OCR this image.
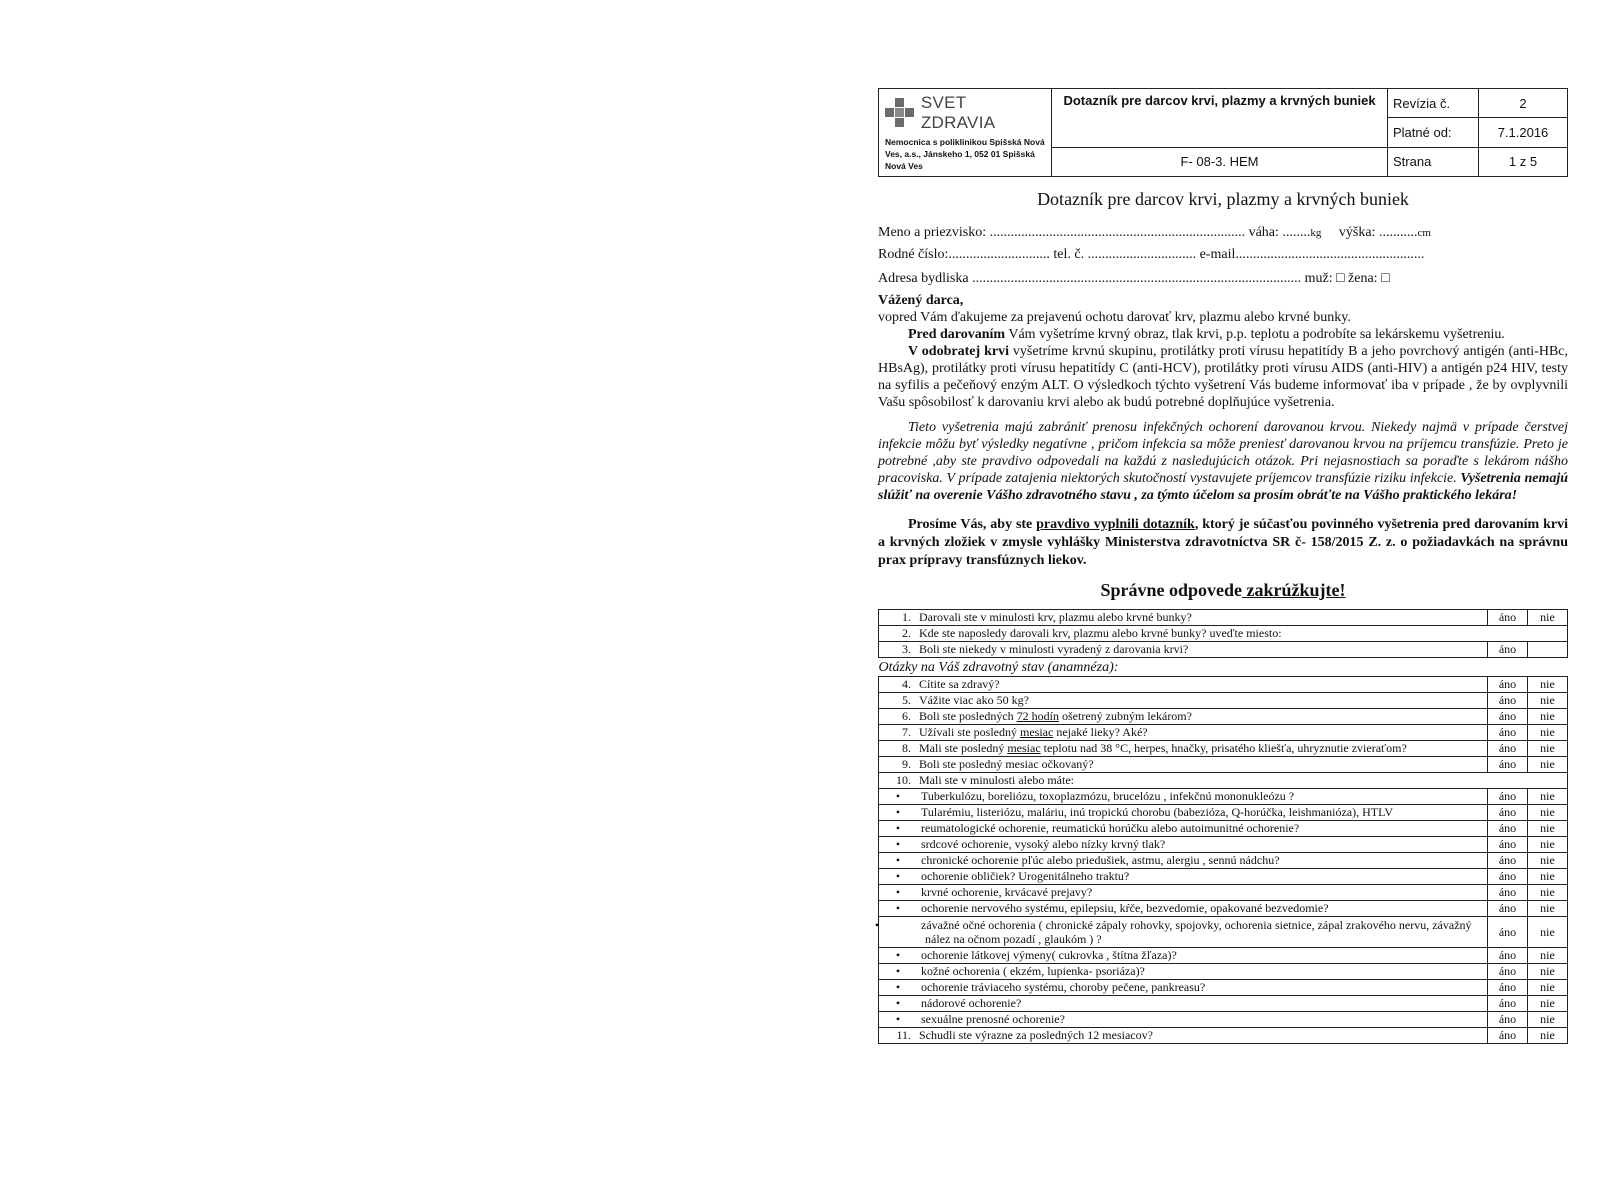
SVET ZDRAVIA
Nemocnica s poliklinikou Spišská Nová Ves, a.s., Jánskeho 1, 052 01 Spišská Nová Ves	Dotazník pre darcov krvi, plazmy a krvných buniek	Revízia č.	2
		Platné od:	7.1.2016
	F- 08-3. HEM	Strana	1 z 5
Dotazník pre darcov krvi, plazmy a krvných buniek
Meno a priezvisko: ......................................................................... váha: ........kg výška: ...........cm
Rodné číslo:............................. tel. č. ............................... e-mail......................................................
Adresa bydliska .............................................................................................. muž: □ žena: □

Vážený darca,

vopred Vám ďakujeme za prejavenú ochotu darovať krv, plazmu alebo krvné bunky.

Pred darovaním Vám vyšetríme krvný obraz, tlak krvi, p.p. teplotu a podrobíte sa lekárskemu vyšetreniu.

V odobratej krvi vyšetríme krvnú skupinu, protilátky proti vírusu hepatitídy B a jeho povrchový antigén (anti-HBc, HBsAg), protilátky proti vírusu hepatitídy C (anti-HCV), protilátky proti vírusu AIDS (anti-HIV) a antigén p24 HIV, testy na syfilis a pečeňový enzým ALT. O výsledkoch týchto vyšetrení Vás budeme informovať iba v prípade , že by ovplyvnili Vašu spôsobilosť k darovaniu krvi alebo ak budú potrebné doplňujúce vyšetrenia.

Tieto vyšetrenia majú zabrániť prenosu infekčných ochorení darovanou krvou. Niekedy najmä v prípade čerstvej infekcie môžu byť výsledky negatívne , pričom infekcia sa môže preniesť darovanou krvou na príjemcu transfúzie. Preto je potrebné ,aby ste pravdivo odpovedali na každú z nasledujúcich otázok. Pri nejasnostiach sa poraďte s lekárom nášho pracoviska. V prípade zatajenia niektorých skutočností vystavujete príjemcov transfúzie riziku infekcie. Vyšetrenia nemajú slúžiť na overenie Vášho zdravotného stavu , za týmto účelom sa prosím obráťte na Vášho praktického lekára!

Prosíme Vás, aby ste pravdivo vyplnili dotazník, ktorý je súčasťou povinného vyšetrenia pred darovaním krvi a krvných zložiek v zmysle vyhlášky Ministerstva zdravotníctva SR č- 158/2015 Z. z. o požiadavkách na správnu prax prípravy transfúznych liekov.

Správne odpovede zakrúžkujte!
1. Darovali ste v minulosti krv, plazmu alebo krvné bunky?	áno	nie
2. Kde ste naposledy darovali krv, plazmu alebo krvné bunky? uveďte miesto:		
3. Boli ste niekedy v minulosti vyradený z darovania krvi?	áno	
Otázky na Váš zdravotný stav (anamnéza):		
4. Cítite sa zdravý?	áno	nie
5. Vážite viac ako 50 kg?	áno	nie
6. Boli ste posledných 72 hodín ošetrený zubným lekárom?	áno	nie
7. Užívali ste posledný mesiac nejaké lieky? Aké?	áno	nie
8. Mali ste posledný mesiac teplotu nad 38 °C, herpes, hnačky, prisatého kliešťa, uhryznutie zvieraťom?	áno	nie
9. Boli ste posledný mesiac očkovaný?	áno	nie
10. Mali ste v minulosti alebo máte:		
• Tuberkulózu, boreliózu, toxoplazmózu, brucelózu , infekčnú mononukleózu ?	áno	nie
• Tularémiu, listeriózu, maláriu, inú tropickú chorobu (babezióza, Q-horúčka, leishmanióza), HTLV	áno	nie
• reumatologické ochorenie, reumatickú horúčku alebo autoimunitné ochorenie?	áno	nie
• srdcové ochorenie, vysoký alebo nízky krvný tlak?	áno	nie
• chronické ochorenie pľúc alebo priedušiek, astmu, alergiu , sennú nádchu?	áno	nie
• ochorenie obličiek? Urogenitálneho traktu?	áno	nie
• krvné ochorenie, krvácavé prejavy?	áno	nie
• ochorenie nervového systému, epilepsiu, kŕče, bezvedomie, opakované bezvedomie?	áno	nie
• závažné očné ochorenia ( chronické zápaly rohovky, spojovky, ochorenia sietnice, zápal zrakového nervu, závažný nález na očnom pozadí , glaukóm ) ?	áno	nie
• ochorenie látkovej výmeny( cukrovka , štítna žľaza)?	áno	nie
• kožné ochorenia ( ekzém, lupienka- psoriáza)?	áno	nie
• ochorenie tráviaceho systému, choroby pečene, pankreasu?	áno	nie
• nádorové ochorenie?	áno	nie
• sexuálne prenosné ochorenie?	áno	nie
11. Schudli ste výrazne za posledných 12 mesiacov?	áno	nie
